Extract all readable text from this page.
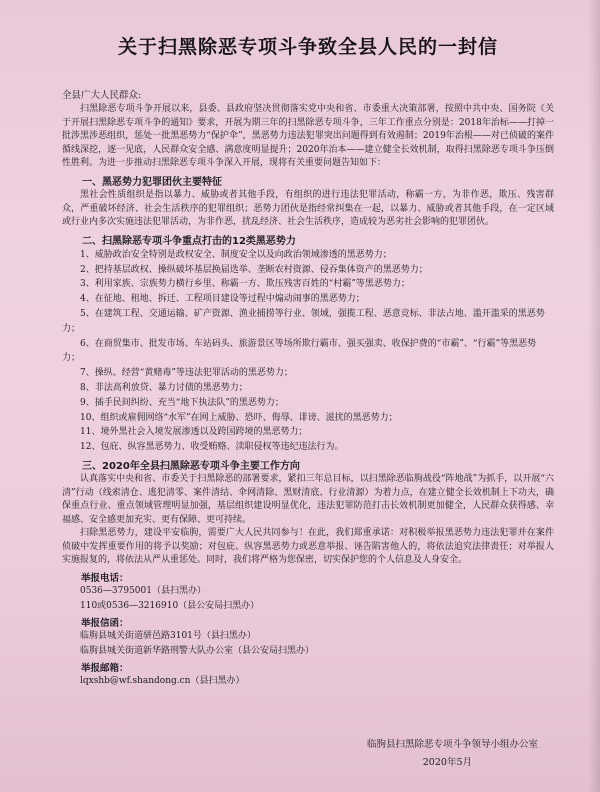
关于扫黑除恶专项斗争致全县人民的一封信
全县广大人民群众:

扫黑除恶专项斗争开展以来，县委、县政府坚决贯彻落实党中央和省、市委重大决策部署，按照中共中央、国务院《关于开展扫黑除恶专项斗争的通知》要求，开展为期三年的扫黑除恶专项斗争，三年工作重点分别是：2018年治标——打掉一批涉黑涉恶组织，惩处一批黑恶势力“保护伞”，黑恶势力违法犯罪突出问题得到有效遏制；2019年治根——对已侦破的案件循线深挖，逐一见底，人民群众安全感、满意度明显提升；2020年治本——建立健全长效机制，取得扫黑除恶专项斗争压倒性胜利。为进一步推动扫黑除恶专项斗争深入开展，现将有关重要问题告知如下：

一、黑恶势力犯罪团伙主要特征

黑社会性质组织是指以暴力、威胁或者其他手段，有组织的进行违法犯罪活动，称霸一方，为非作恶，欺压、残害群众，严重破坏经济、社会生活秩序的犯罪组织；恶势力团伙是指经常纠集在一起，以暴力、威胁或者其他手段，在一定区域或行业内多次实施违法犯罪活动，为非作恶，扰乱经济、社会生活秩序，造成较为恶劣社会影响的犯罪团伙。

二、扫黑除恶专项斗争重点打击的12类黑恶势力
1、威胁政治安全特别是政权安全、制度安全以及向政治领域渗透的黑恶势力；
2、把持基层政权、操纵破坏基层换届选举、垄断农村资源、侵吞集体资产的黑恶势力；
3、利用家族、宗族势力横行乡里、称霸一方、欺压残害百姓的“村霸”等黑恶势力；
4、在征地、租地、拆迁、工程项目建设等过程中煽动闹事的黑恶势力；
5、在建筑工程、交通运输、矿产资源、渔业捕捞等行业、领域，强揽工程、恶意竞标、非法占地、滥开滥采的黑恶势力；
6、在商贸集市、批发市场、车站码头、旅游景区等场所欺行霸市、强买强卖、收保护费的“市霸”、“行霸”等黑恶势力；
7、操纵、经营“黄赌毒”等违法犯罪活动的黑恶势力；
8、非法高利放贷、暴力讨债的黑恶势力；
9、插手民间纠纷、充当“地下执法队”的黑恶势力；
10、组织或雇佣网络“水军”在网上威胁、恐吓、侮辱、诽谤、滋扰的黑恶势力；
11、境外黑社会入境发展渗透以及跨国跨境的黑恶势力；
12、包庇、纵容黑恶势力、收受贿赂、渎职侵权等违纪违法行为。
三、2020年全县扫黑除恶专项斗争主要工作方向

认真落实中央和省、市委关于扫黑除恶的部署要求，紧扣三年总目标，以扫黑除恶临朐战役“阵地战”为抓手，以开展“六清”行动（线索清仓、逃犯清零、案件清结、伞网清除、黑财清底、行业清源）为着力点，在建立健全长效机制上下功夫，确保重点行业、重点领域管理明显加强，基层组织建设明显优化，违法犯罪防范打击长效机制更加健全，人民群众获得感、幸福感、安全感更加充实、更有保障、更可持续。

扫除黑恶势力，建设平安临朐，需要广大人民共同参与！在此，我们郑重承诺：对积极举报黑恶势力违法犯罪并在案件侦破中发挥重要作用的将予以奖励；对包庇、纵容黑恶势力或恶意举报、诬告陷害他人的，将依法追究法律责任；对举报人实施报复的，将依法从严从重惩处。同时，我们将严格为您保密，切实保护您的个人信息及人身安全。

举报电话：
0536—3795001（县扫黑办）
110或0536—3216910（县公安局扫黑办）
举报信函：
临朐县城关街道骈邑路3101号（县扫黑办）
临朐县城关街道新华路刑警大队办公室（县公安局扫黑办）
举报邮箱：
lqxshb@wf.shandong.cn（县扫黑办）
临朐县扫黑除恶专项斗争领导小组办公室
2020年5月
